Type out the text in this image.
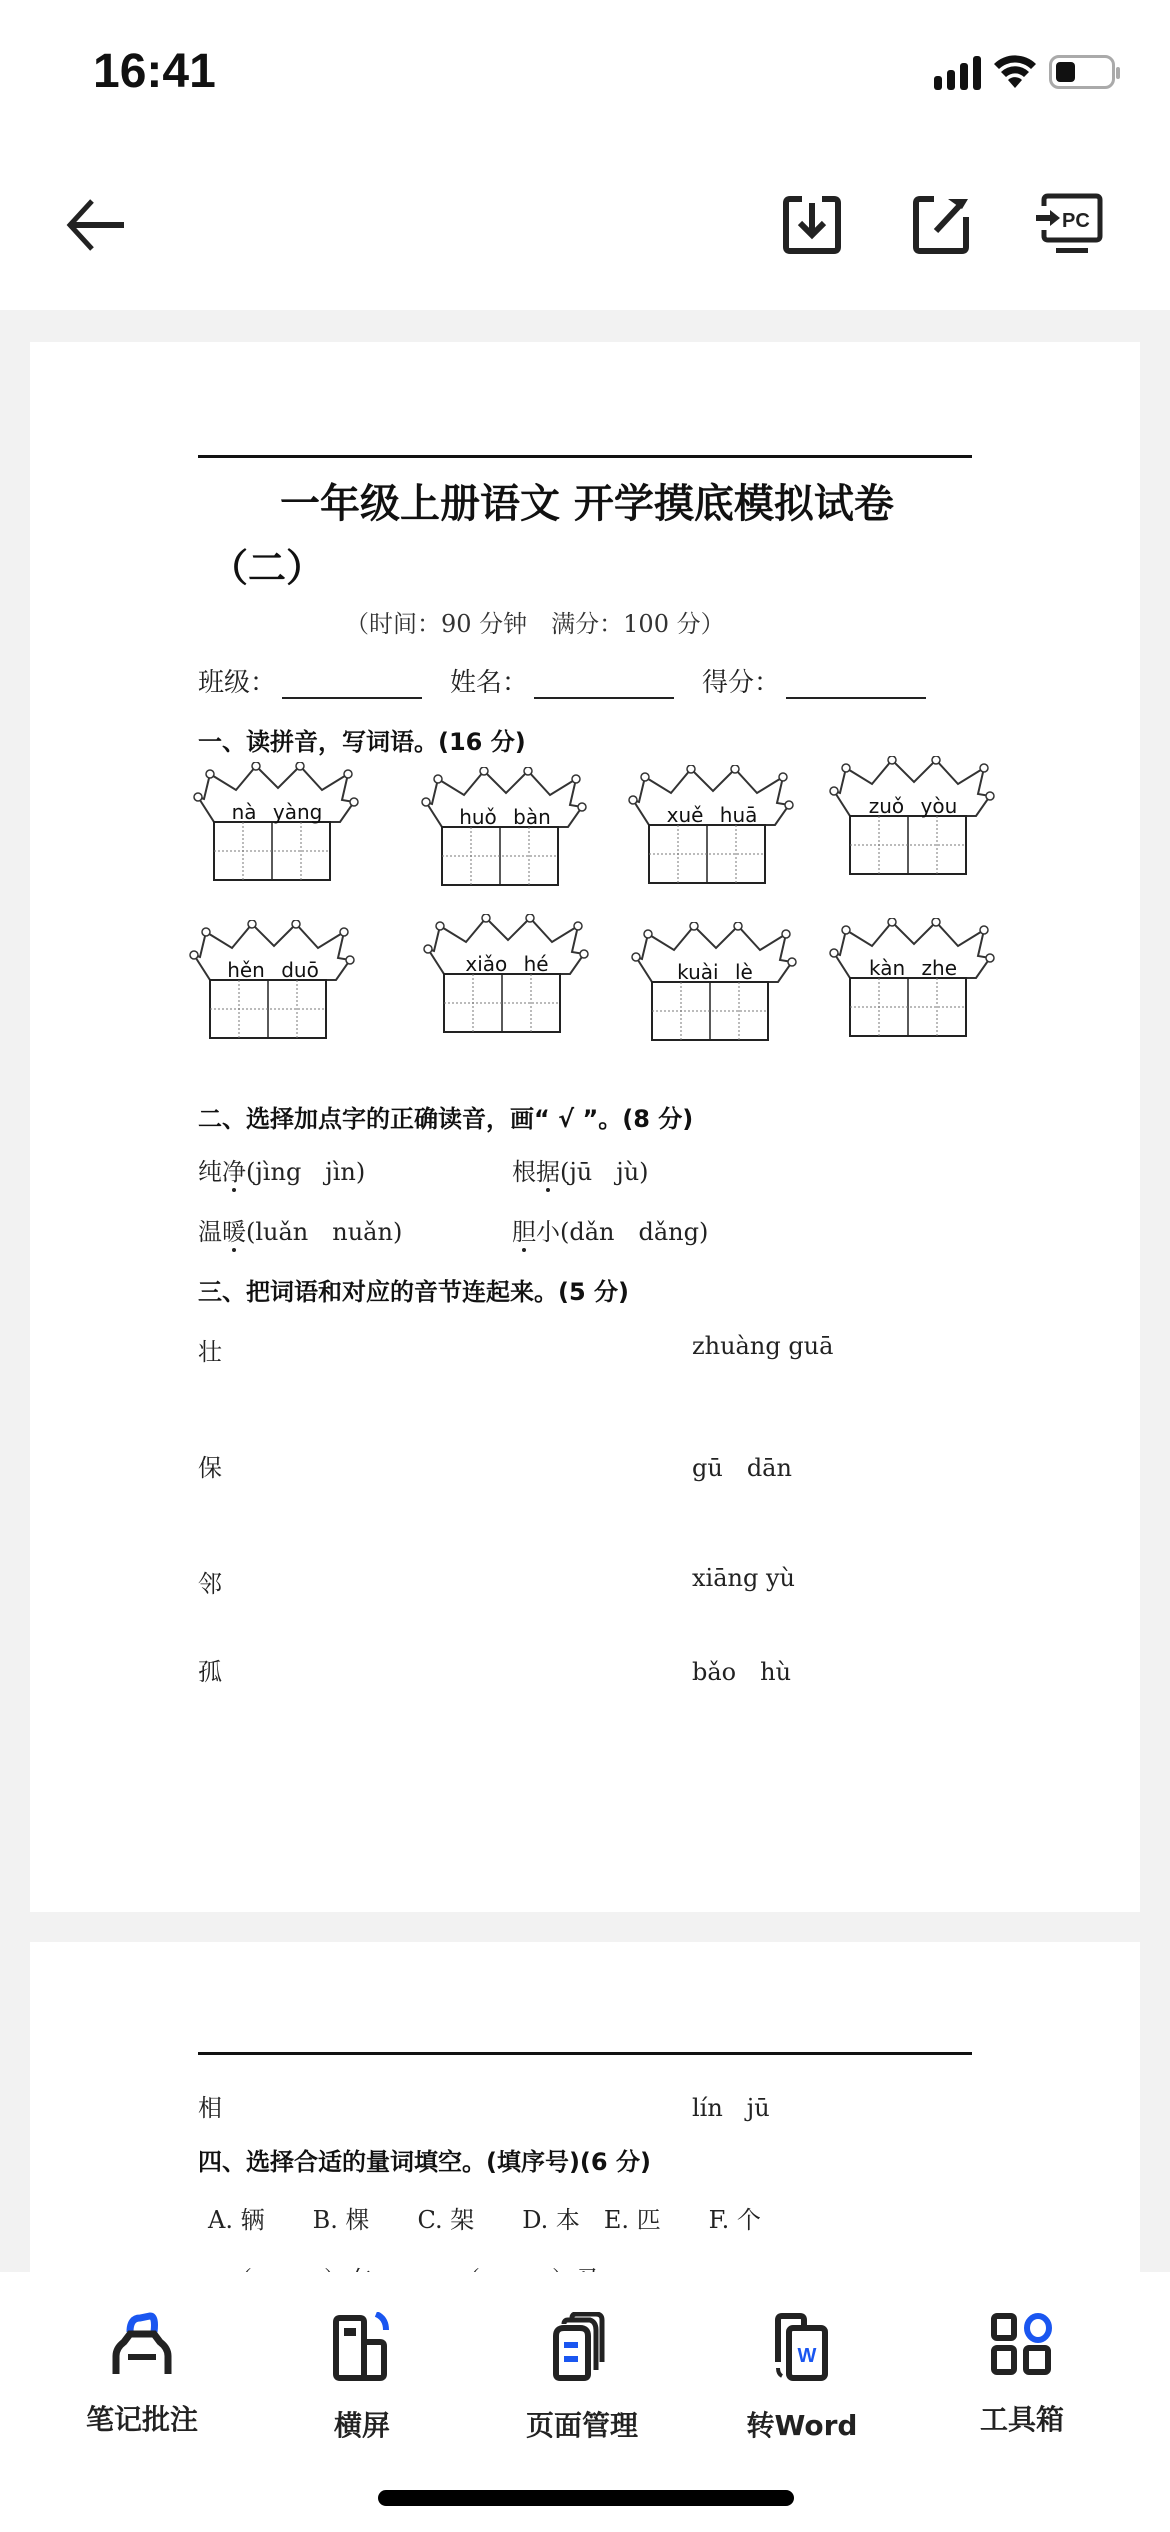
16:41
PC
一年级上册语文 开学摸底模拟试卷
（二）
（时间：90 分钟　满分：100 分）
班级：	姓名：	得分：
一、读拼音，写词语。(16 分)
nà yàng	huǒ bàn	xuě huā	zuǒ yòu
hěn duō	xiǎo hé	kuài lè	kàn zhe
二、选择加点字的正确读音，画“ √ ”。(8 分)
纯净(jìng　jìn)	根据(jū　jù)
温暖(luǎn　nuǎn)	胆小(dǎn　dǎng)
三、把词语和对应的音节连起来。(5 分)
壮	zhuàng guā
保	gū　dān
邻	xiāng yù
孤	bǎo　hù
相	lín　jū
四、选择合适的量词填空。(填序号)(6 分)
A. 辆　　B. 棵　　C. 架　　D. 本　E. 匹　　F. 个
笔记批注	横屏	页面管理
W
转Word	工具箱
